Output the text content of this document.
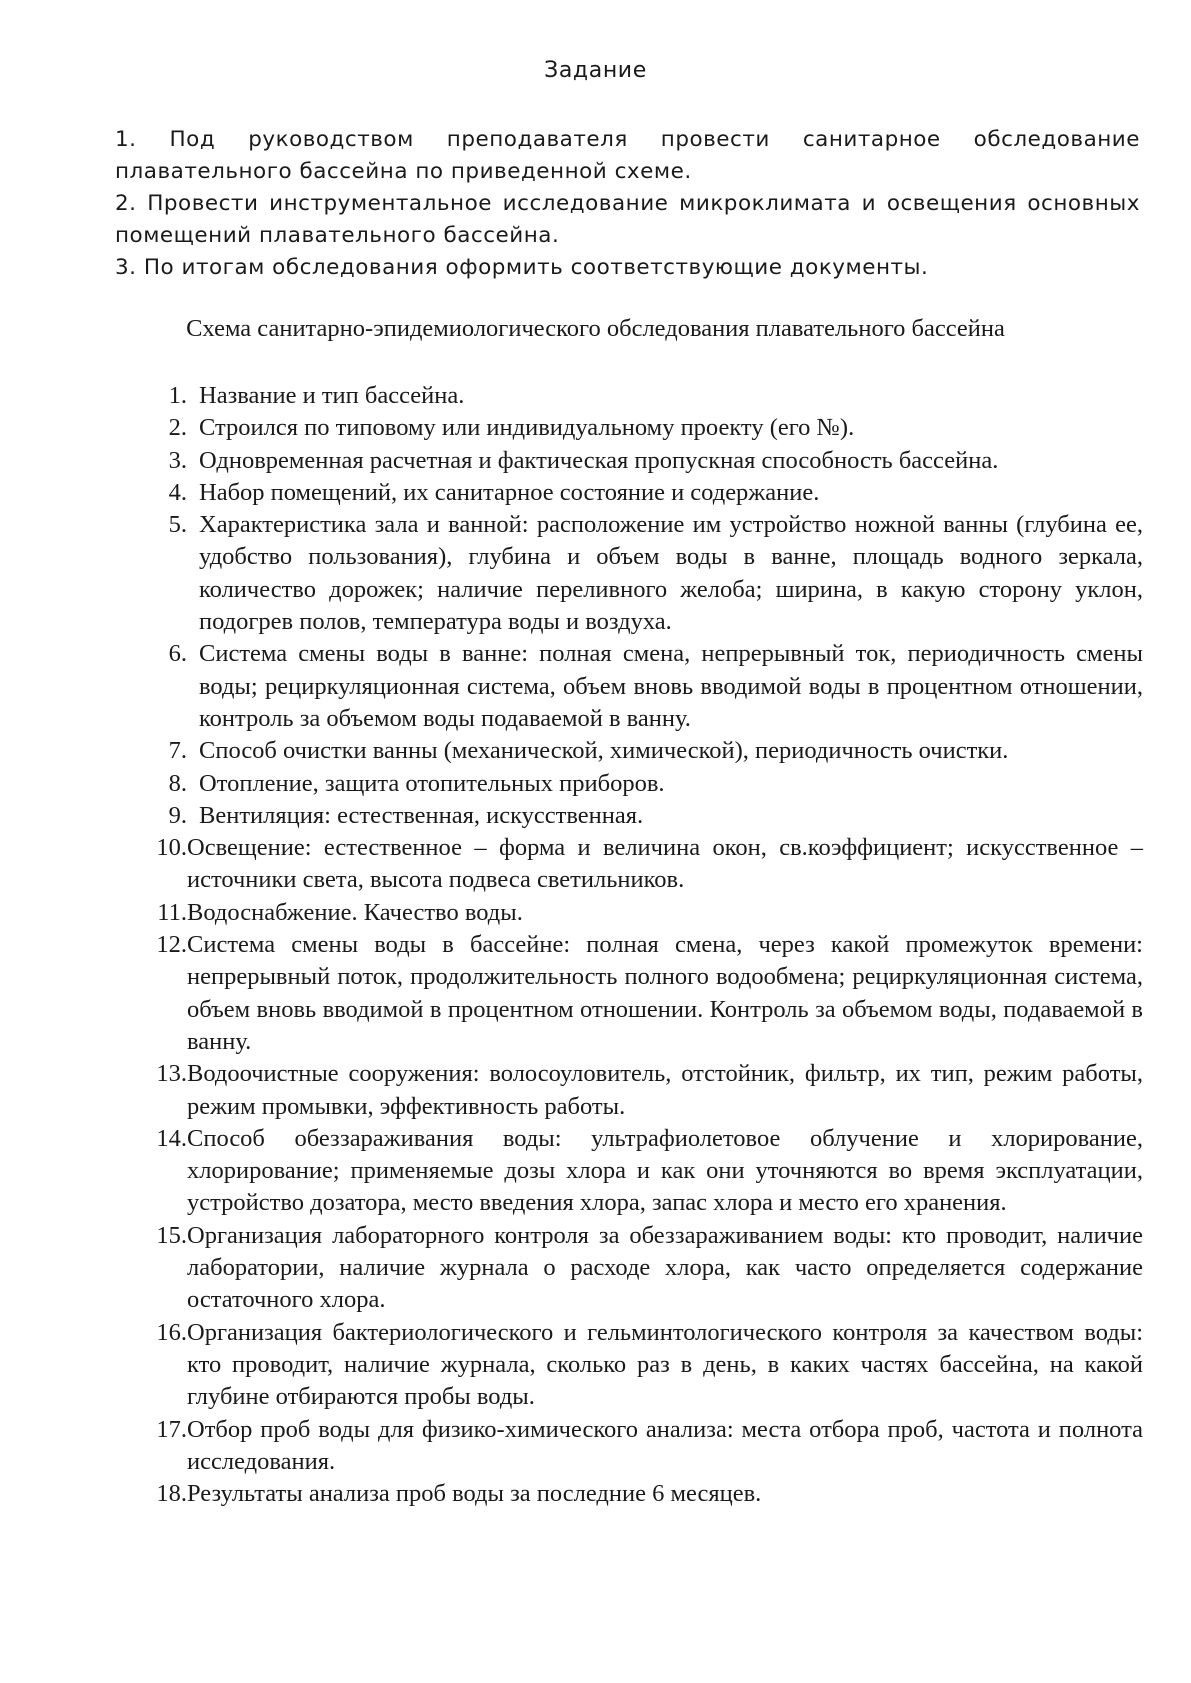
Задание
1. Под руководством преподавателя провести санитарное обследование плавательного бассейна по приведенной схеме.
2. Провести инструментальное исследование микроклимата и освещения основных помещений плавательного бассейна.
3. По итогам обследования оформить соответствующие документы.
Схема санитарно-эпидемиологического обследования плавательного бассейна
1. Название и тип бассейна.
2. Строился по типовому или индивидуальному проекту (его №).
3. Одновременная расчетная и фактическая пропускная способность бассейна.
4. Набор помещений, их санитарное состояние и содержание.
5. Характеристика зала и ванной: расположение им устройство ножной ванны (глубина ее, удобство пользования), глубина и объем воды в ванне, площадь водного зеркала, количество дорожек; наличие переливного желоба; ширина, в какую сторону уклон, подогрев полов, температура воды и воздуха.
6. Система смены воды в ванне: полная смена, непрерывный ток, периодичность смены воды; рециркуляционная система, объем вновь вводимой воды в процентном отношении, контроль за объемом воды подаваемой в ванну.
7. Способ очистки ванны (механической, химической), периодичность очистки.
8. Отопление, защита отопительных приборов.
9. Вентиляция: естественная, искусственная.
10. Освещение: естественное – форма и величина окон, св.коэффициент; искусственное – источники света, высота подвеса светильников.
11. Водоснабжение. Качество воды.
12. Система смены воды в бассейне: полная смена, через какой промежуток времени: непрерывный поток, продолжительность полного водообмена; рециркуляционная система, объем вновь вводимой в процентном отношении. Контроль за объемом воды, подаваемой в ванну.
13. Водоочистные сооружения: волосоуловитель, отстойник, фильтр, их тип, режим работы, режим промывки, эффективность работы.
14. Способ обеззараживания воды: ультрафиолетовое облучение и хлорирование, хлорирование; применяемые дозы хлора и как они уточняются во время эксплуатации, устройство дозатора, место введения хлора, запас хлора и место его хранения.
15. Организация лабораторного контроля за обеззараживанием воды: кто проводит, наличие лаборатории, наличие журнала о расходе хлора, как часто определяется содержание остаточного хлора.
16. Организация бактериологического и гельминтологического контроля за качеством воды: кто проводит, наличие журнала, сколько раз в день, в каких частях бассейна, на какой глубине отбираются пробы воды.
17. Отбор проб воды для физико-химического анализа: места отбора проб, частота и полнота исследования.
18. Результаты анализа проб воды за последние 6 месяцев.
